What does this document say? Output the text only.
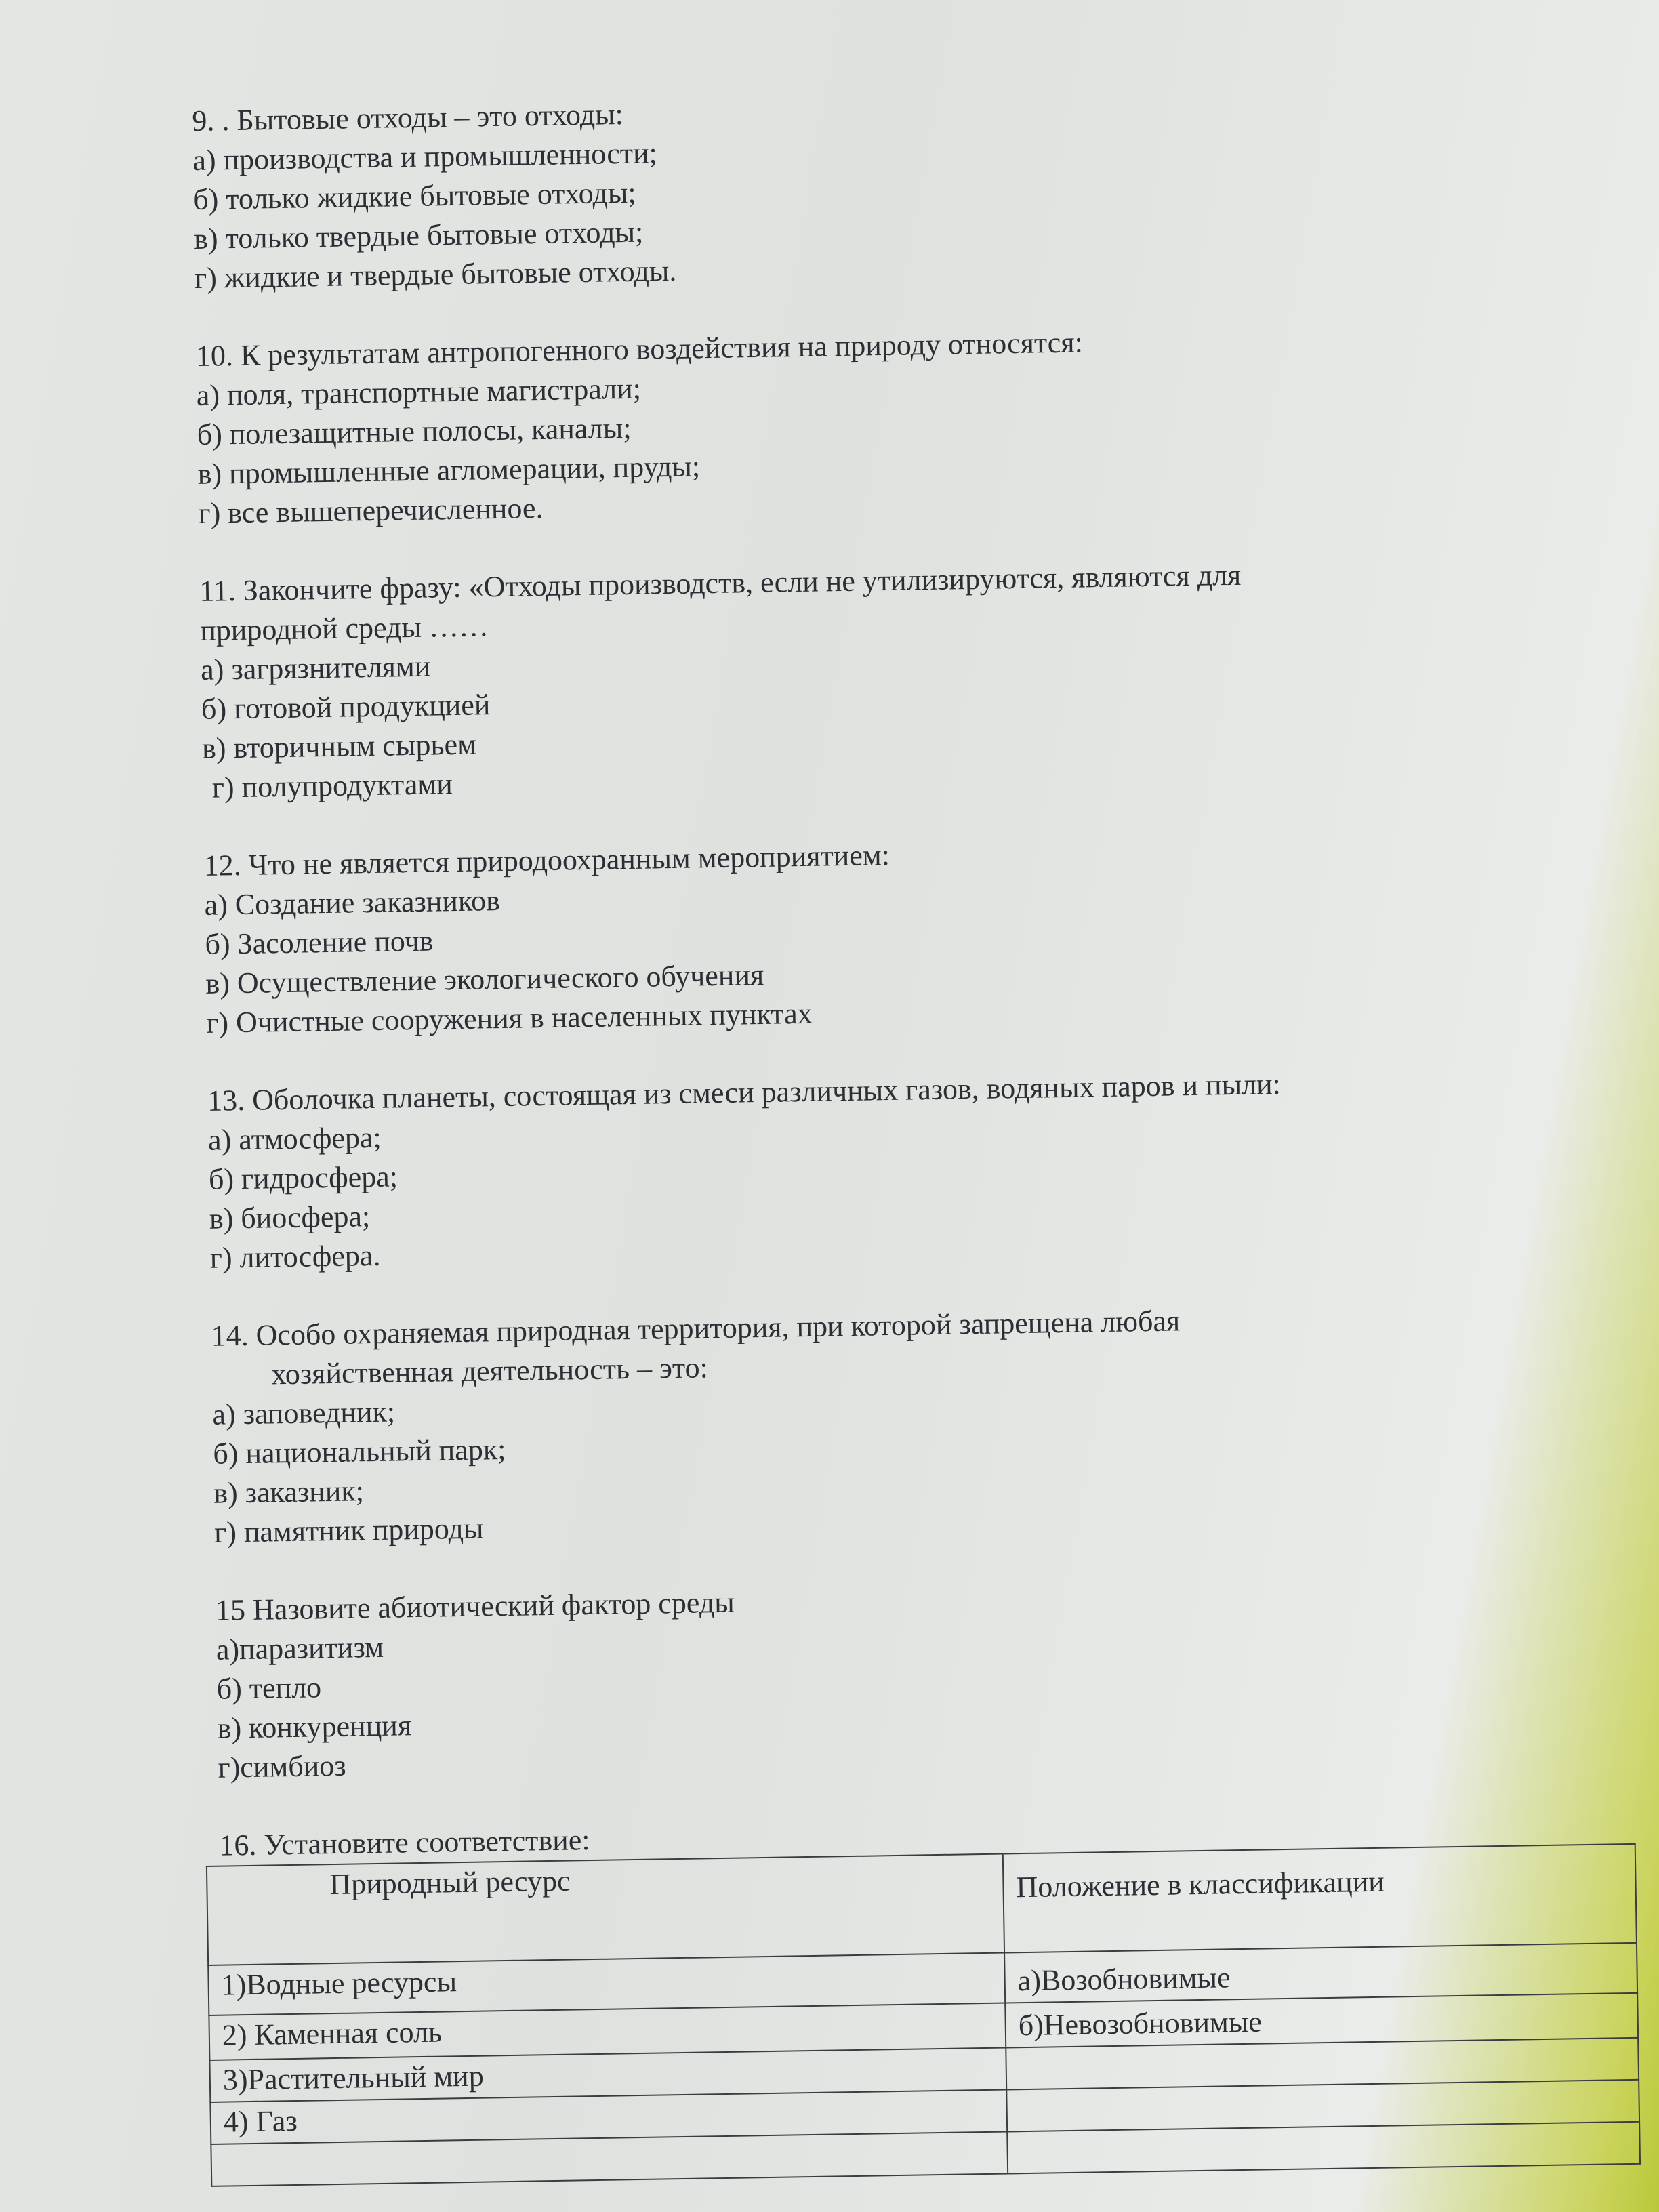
9. . Бытовые отходы – это отходы:
а) производства и промышленности;
б) только жидкие бытовые отходы;
в) только твердые бытовые отходы;
г) жидкие и твердые бытовые отходы.
10. К результатам антропогенного воздействия на природу относятся:
а) поля, транспортные магистрали;
б) полезащитные полосы, каналы;
в) промышленные агломерации, пруды;
г) все вышеперечисленное.
11. Закончите фразу: «Отходы производств, если не утилизируются, являются для
природной среды ……
а) загрязнителями
б) готовой продукцией
в) вторичным сырьем
г) полупродуктами
12. Что не является природоохранным мероприятием:
а) Создание заказников
б) Засоление почв
в) Осуществление экологического обучения
г) Очистные сооружения в населенных пунктах
13. Оболочка планеты, состоящая из смеси различных газов, водяных паров и пыли:
а) атмосфера;
б) гидросфера;
в) биосфера;
г) литосфера.
14. Особо охраняемая природная территория, при которой запрещена любая
хозяйственная деятельность – это:
а) заповедник;
б) национальный парк;
в) заказник;
г) памятник природы
15 Назовите абиотический фактор среды
а)паразитизм
б) тепло
в) конкуренция
г)симбиоз
16. Установите соответствие:
Природный ресурс	Положение в классификации
1)Водные ресурсы	а)Возобновимые
2) Каменная соль	б)Невозобновимые
3)Растительный мир	
4) Газ	
